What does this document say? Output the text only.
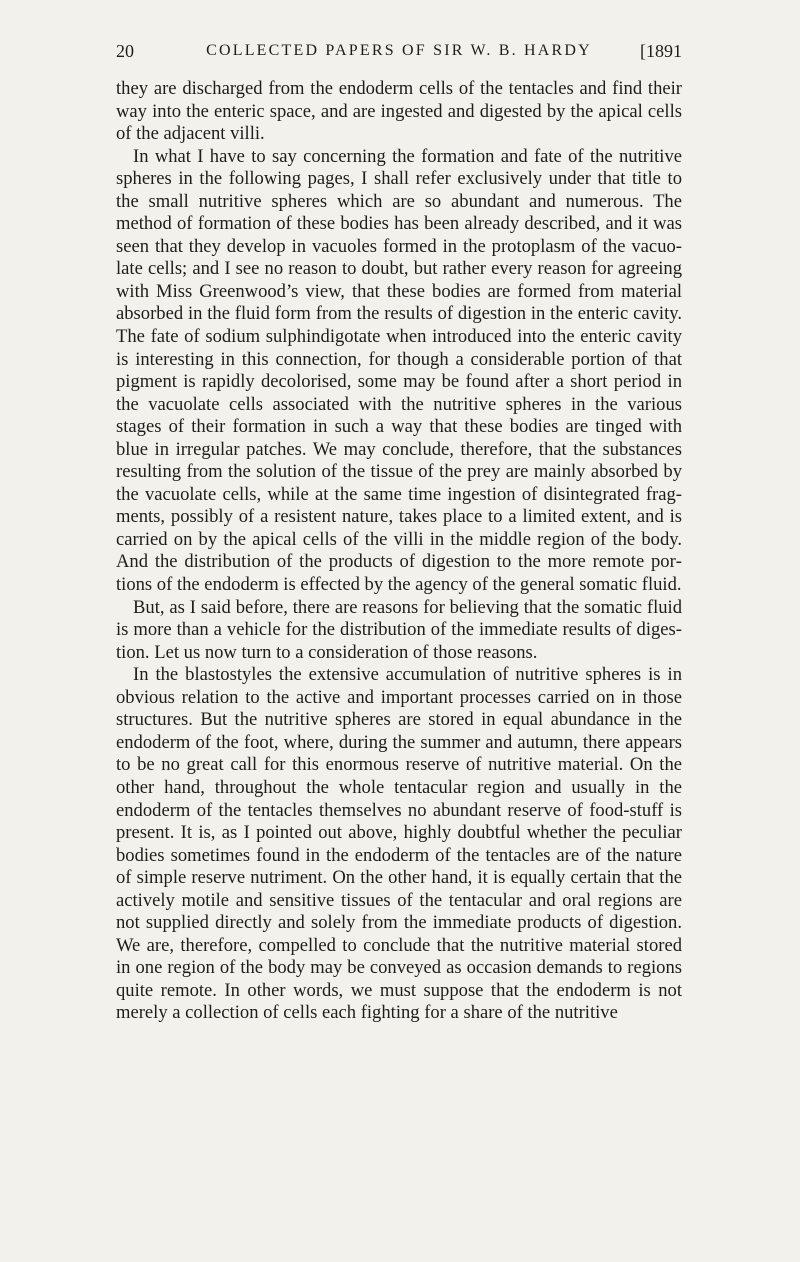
20	COLLECTED PAPERS OF SIR W. B. HARDY	[1891

they are discharged from the endoderm cells of the tentacles and find their way into the enteric space, and are ingested and digested by the apical cells of the adjacent villi.

In what I have to say concerning the formation and fate of the nutritive spheres in the following pages, I shall refer exclusively under that title to the small nutritive spheres which are so abundant and numerous. The method of formation of these bodies has been already described, and it was seen that they develop in vacuoles formed in the protoplasm of the vacuolate cells; and I see no reason to doubt, but rather every reason for agreeing with Miss Greenwood’s view, that these bodies are formed from material absorbed in the fluid form from the results of digestion in the enteric cavity. The fate of sodium sulphindigotate when introduced into the enteric cavity is interesting in this connection, for though a considerable portion of that pigment is rapidly decolorised, some may be found after a short period in the vacuolate cells associated with the nutritive spheres in the various stages of their formation in such a way that these bodies are tinged with blue in irregular patches. We may conclude, therefore, that the substances resulting from the solution of the tissue of the prey are mainly absorbed by the vacuolate cells, while at the same time ingestion of disintegrated fragments, possibly of a resistent nature, takes place to a limited extent, and is carried on by the apical cells of the villi in the middle region of the body. And the distribution of the products of digestion to the more remote portions of the endoderm is effected by the agency of the general somatic fluid.

But, as I said before, there are reasons for believing that the somatic fluid is more than a vehicle for the distribution of the immediate results of digestion. Let us now turn to a consideration of those reasons.

In the blastostyles the extensive accumulation of nutritive spheres is in obvious relation to the active and important processes carried on in those structures. But the nutritive spheres are stored in equal abundance in the endoderm of the foot, where, during the summer and autumn, there appears to be no great call for this enormous reserve of nutritive material. On the other hand, throughout the whole tentacular region and usually in the endoderm of the tentacles themselves no abundant reserve of food-stuff is present. It is, as I pointed out above, highly doubtful whether the peculiar bodies sometimes found in the endoderm of the tentacles are of the nature of simple reserve nutriment. On the other hand, it is equally certain that the actively motile and sensitive tissues of the tentacular and oral regions are not supplied directly and solely from the immediate products of digestion. We are, therefore, compelled to conclude that the nutritive material stored in one region of the body may be conveyed as occasion demands to regions quite remote. In other words, we must suppose that the endoderm is not merely a collection of cells each fighting for a share of the nutritive
